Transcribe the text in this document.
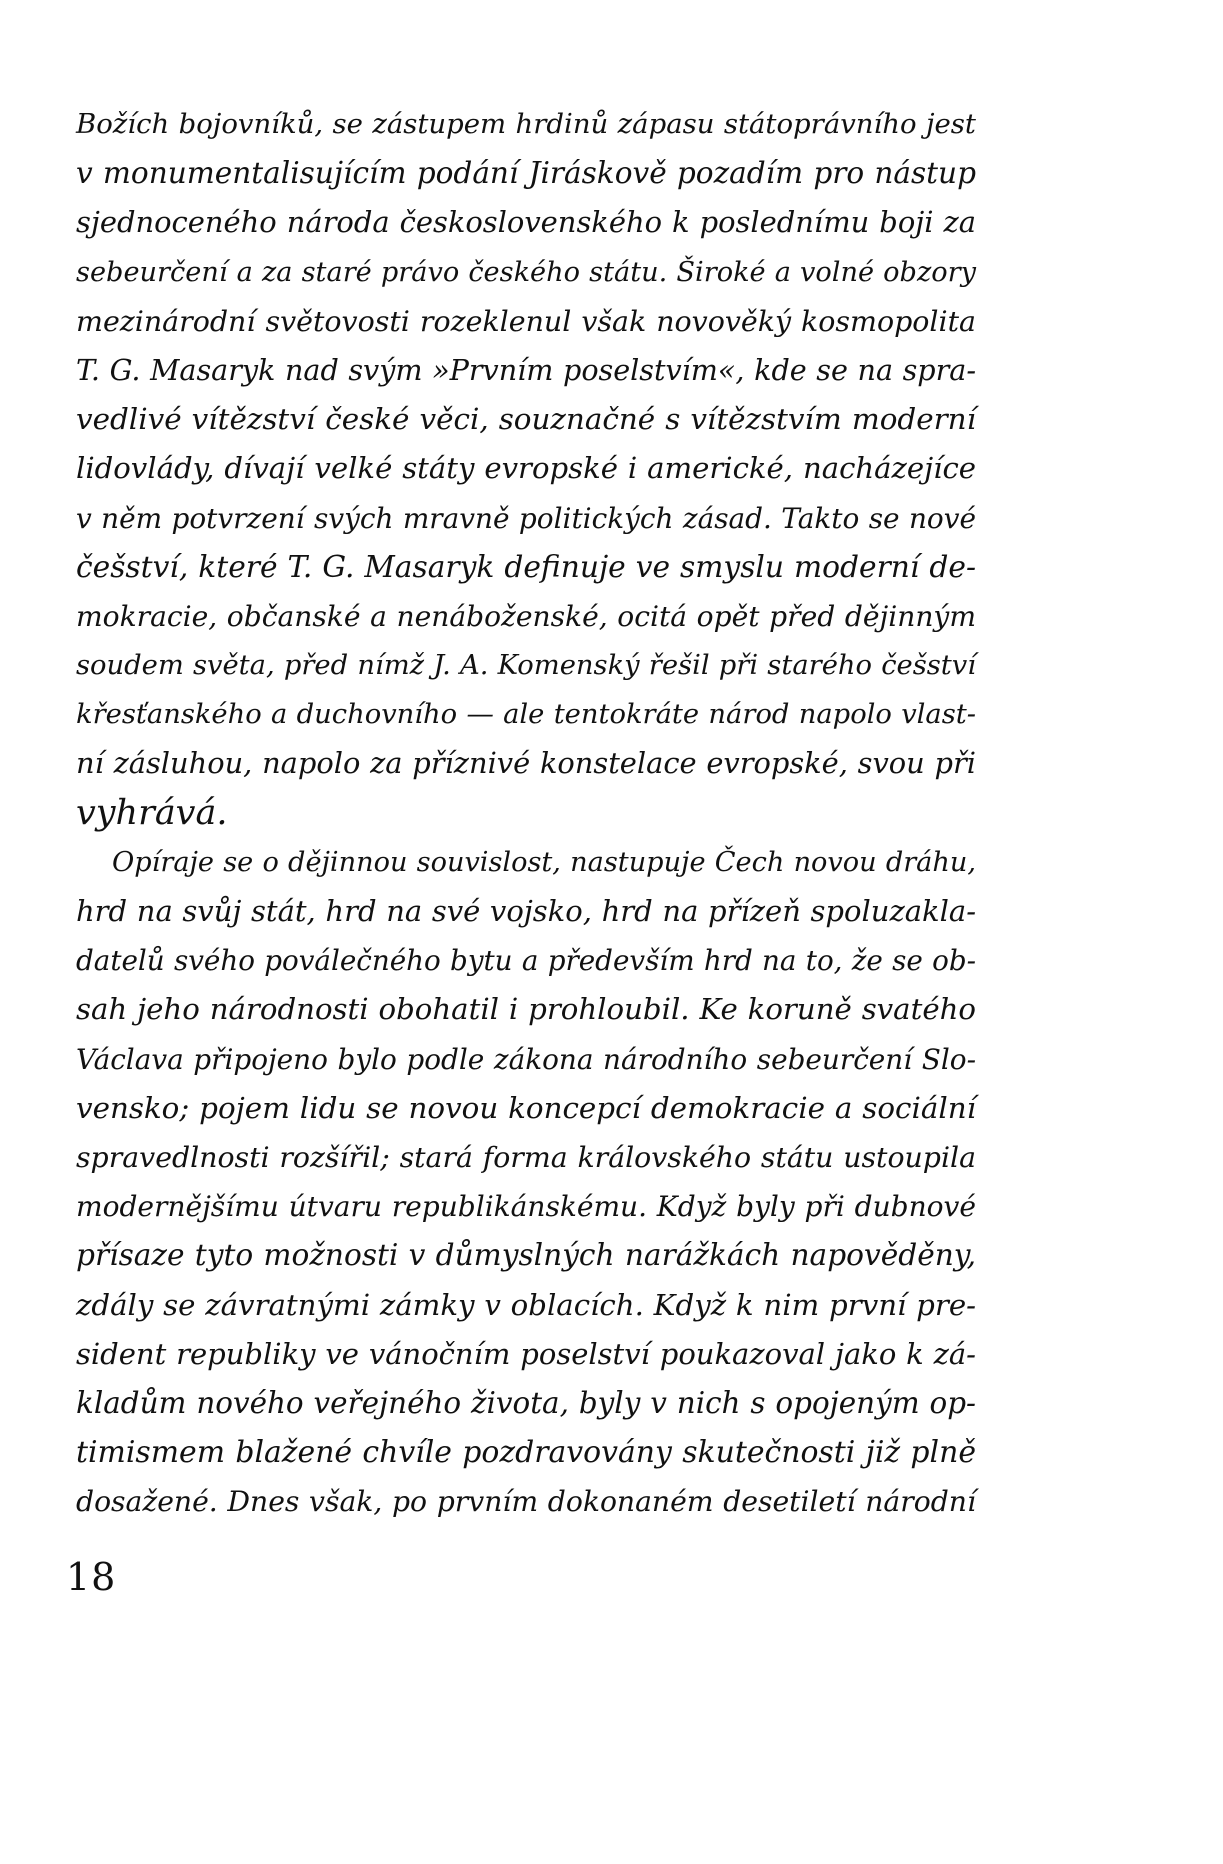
Božích bojovníků, se zástupem hrdinů zápasu státoprávního jest
v monumentalisujícím podání Jiráskově pozadím pro nástup
sjednoceného národa československého k poslednímu boji za
sebeurčení a za staré právo českého státu. Široké a volné obzory
mezinárodní světovosti rozeklenul však novověký kosmopolita
T. G. Masaryk nad svým »Prvním poselstvím«, kde se na spra-
vedlivé vítězství české věci, souznačné s vítězstvím moderní
lidovlády, dívají velké státy evropské i americké, nacházejíce
v něm potvrzení svých mravně politických zásad. Takto se nové
češství, které T. G. Masaryk definuje ve smyslu moderní de-
mokracie, občanské a nenáboženské, ocitá opět před dějinným
soudem světa, před nímž J. A. Komenský řešil při starého češství
křesťanského a duchovního — ale tentokráte národ napolo vlast-
ní zásluhou, napolo za příznivé konstelace evropské, svou při
vyhrává.
Opíraje se o dějinnou souvislost, nastupuje Čech novou dráhu,
hrd na svůj stát, hrd na své vojsko, hrd na přízeň spoluzakla-
datelů svého poválečného bytu a především hrd na to, že se ob-
sah jeho národnosti obohatil i prohloubil. Ke koruně svatého
Václava připojeno bylo podle zákona národního sebeurčení Slo-
vensko; pojem lidu se novou koncepcí demokracie a sociální
spravedlnosti rozšířil; stará forma královského státu ustoupila
modernějšímu útvaru republikánskému. Když byly při dubnové
přísaze tyto možnosti v důmyslných narážkách napověděny,
zdály se závratnými zámky v oblacích. Když k nim první pre-
sident republiky ve vánočním poselství poukazoval jako k zá-
kladům nového veřejného života, byly v nich s opojeným op-
timismem blažené chvíle pozdravovány skutečnosti již plně
dosažené. Dnes však, po prvním dokonaném desetiletí národní
18
